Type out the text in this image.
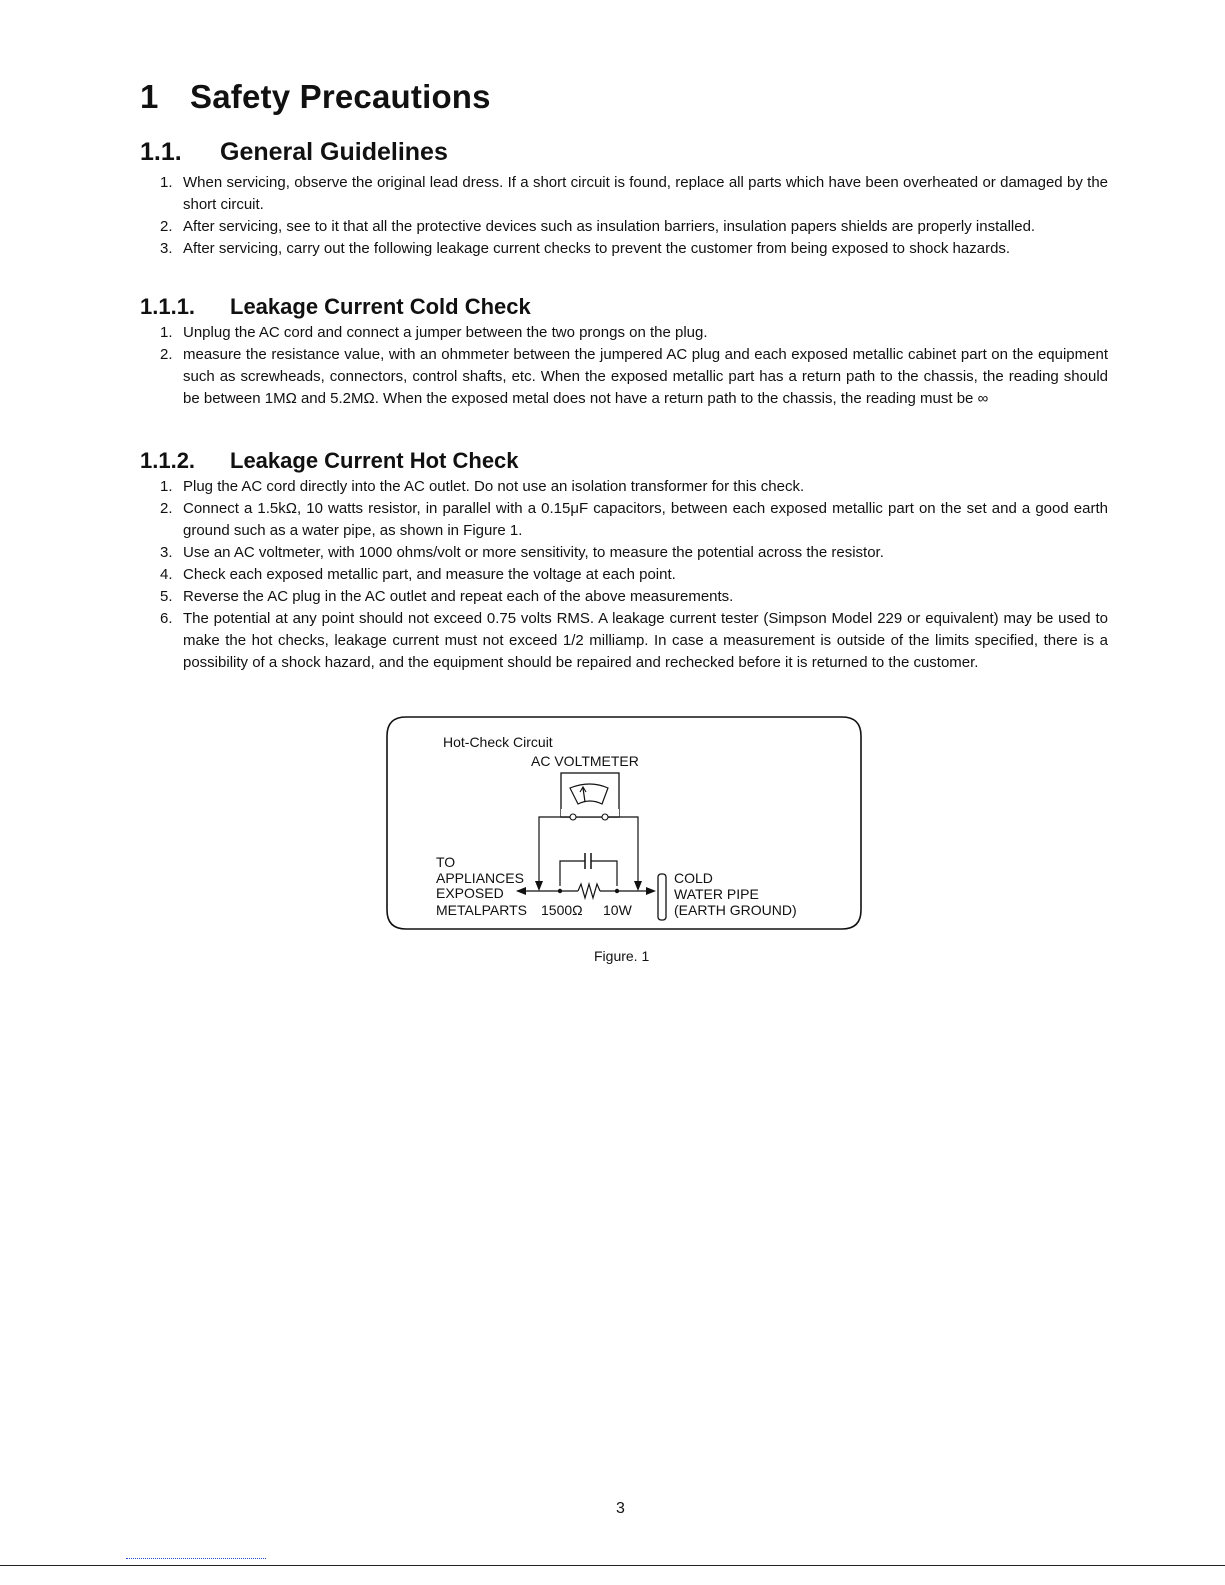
1 Safety Precautions
1.1. General Guidelines
1. When servicing, observe the original lead dress. If a short circuit is found, replace all parts which have been overheated or damaged by the short circuit.
2. After servicing, see to it that all the protective devices such as insulation barriers, insulation papers shields are properly installed.
3. After servicing, carry out the following leakage current checks to prevent the customer from being exposed to shock hazards.
1.1.1. Leakage Current Cold Check
1. Unplug the AC cord and connect a jumper between the two prongs on the plug.
2. measure the resistance value, with an ohmmeter between the jumpered AC plug and each exposed metallic cabinet part on the equipment such as screwheads, connectors, control shafts, etc. When the exposed metallic part has a return path to the chassis, the reading should be between 1MΩ and 5.2MΩ. When the exposed metal does not have a return path to the chassis, the reading must be ∞
1.1.2. Leakage Current Hot Check
1. Plug the AC cord directly into the AC outlet. Do not use an isolation transformer for this check.
2. Connect a 1.5kΩ, 10 watts resistor, in parallel with a 0.15μF capacitors, between each exposed metallic part on the set and a good earth ground such as a water pipe, as shown in Figure 1.
3. Use an AC voltmeter, with 1000 ohms/volt or more sensitivity, to measure the potential across the resistor.
4. Check each exposed metallic part, and measure the voltage at each point.
5. Reverse the AC plug in the AC outlet and repeat each of the above measurements.
6. The potential at any point should not exceed 0.75 volts RMS. A leakage current tester (Simpson Model 229 or equivalent) may be used to make the hot checks, leakage current must not exceed 1/2 milliamp. In case a measurement is outside of the limits specified, there is a possibility of a shock hazard, and the equipment should be repaired and rechecked before it is returned to the customer.
Hot-Check Circuit
AC VOLTMETER
TO
APPLIANCES
EXPOSED
METALPARTS 1500Ω 10W
COLD
WATER PIPE
(EARTH GROUND)
Figure. 1
3
